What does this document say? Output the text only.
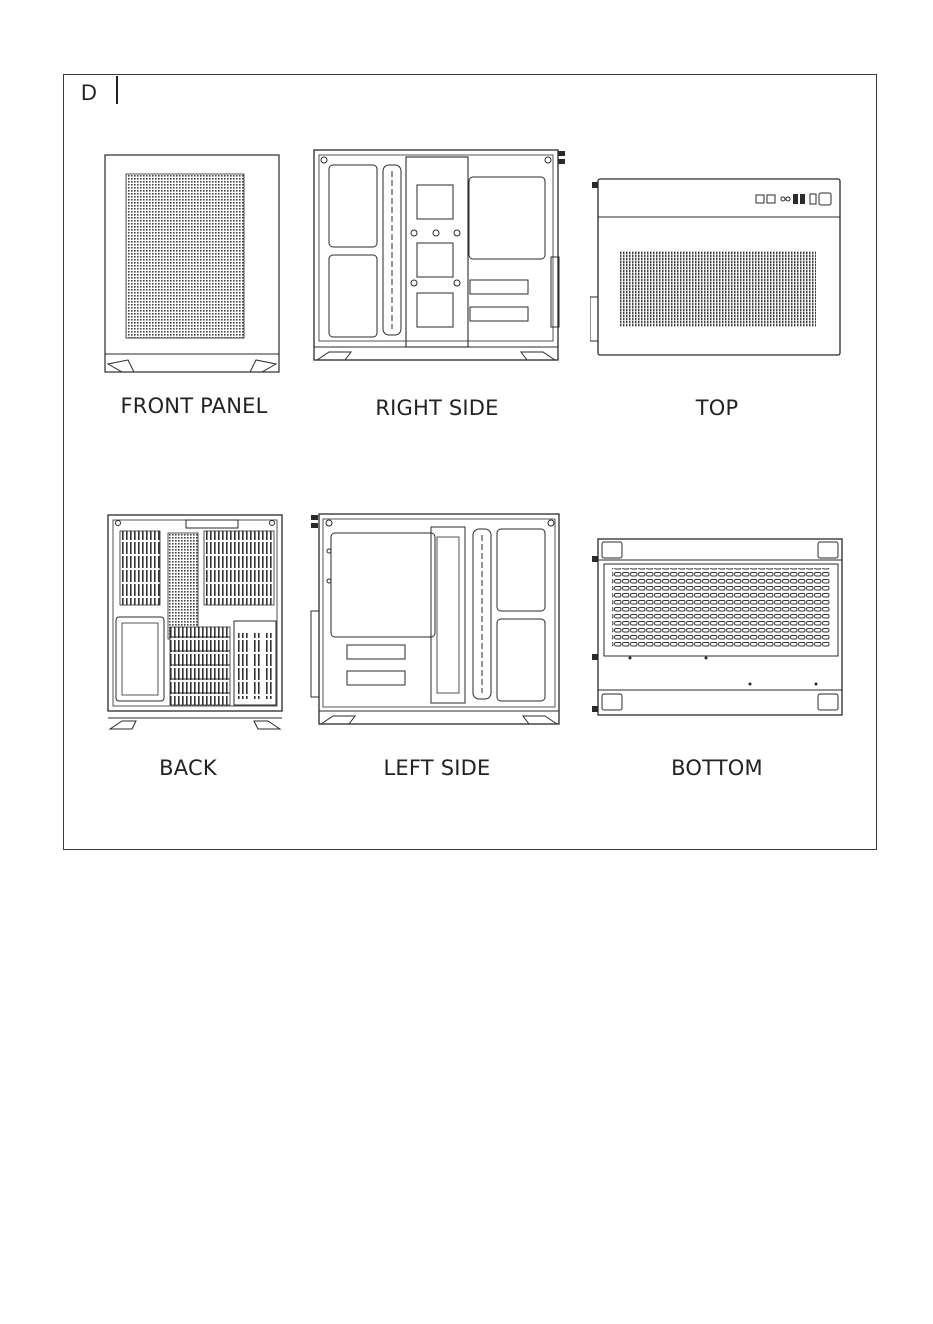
D
FRONT PANEL	RIGHT SIDE	TOP
BACK	LEFT SIDE	BOTTOM
